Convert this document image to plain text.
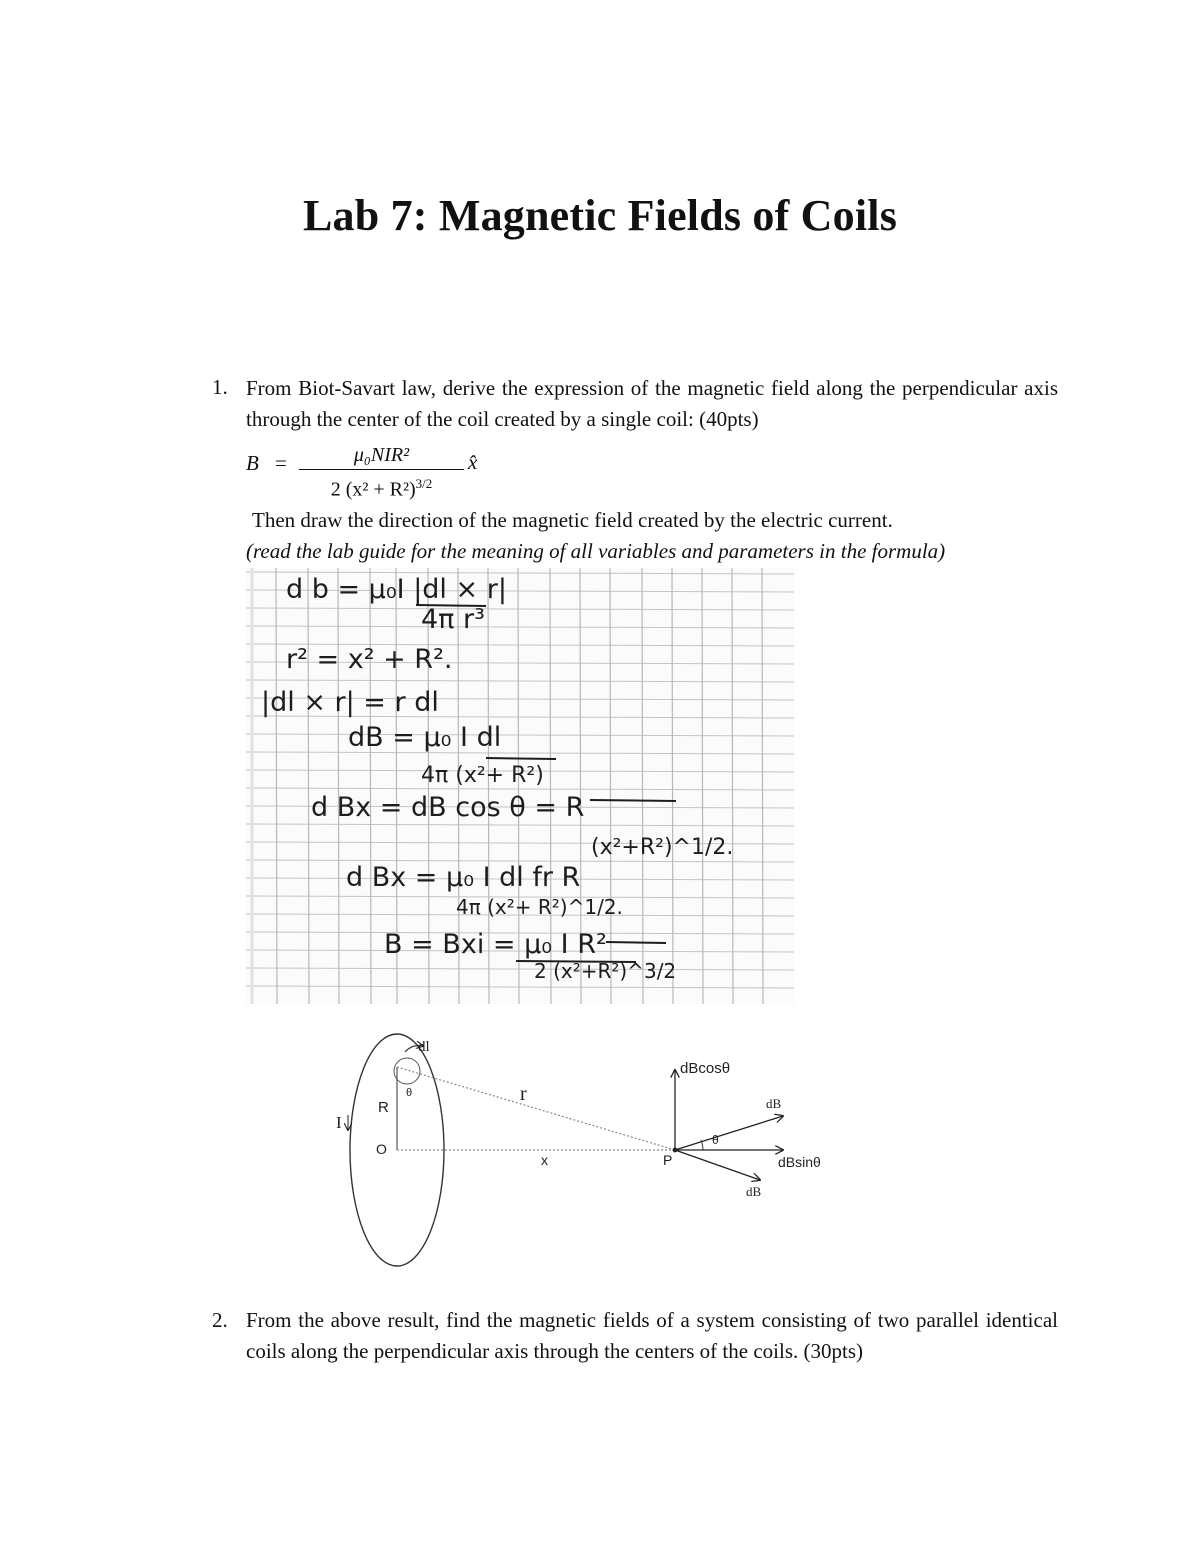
Lab 7: Magnetic Fields of Coils
1. From Biot-Savart law, derive the expression of the magnetic field along the perpendicular axis through the center of the coil created by a single coil: (40pts)
B =	μ₀NIR²
2 $(x^2 + R^2)^{3/2}$
x̂
Then draw the direction of the magnetic field created by the electric current.
(read the lab guide for the meaning of all variables and parameters in the formula)
d b = μ₀I |dl × r|
4π r³
r² = x² + R².
|dl × r| = r dl
dB = μ₀ I dl
4π (x²+ R²)
d Bx = dB cos θ = R
(x²+R²)^1/2.
d Bx = μ₀ I dl fr R
4π (x²+ R²)^1/2.
B = Bxi = μ₀ I R²
2 (x²+R²)^3/2
dl
θ
R
I
O
r
x	P
dBcosθ
dB
θ
dBsinθ
dB
2. From the above result, find the magnetic fields of a system consisting of two parallel identical coils along the perpendicular axis through the centers of the coils. (30pts)
